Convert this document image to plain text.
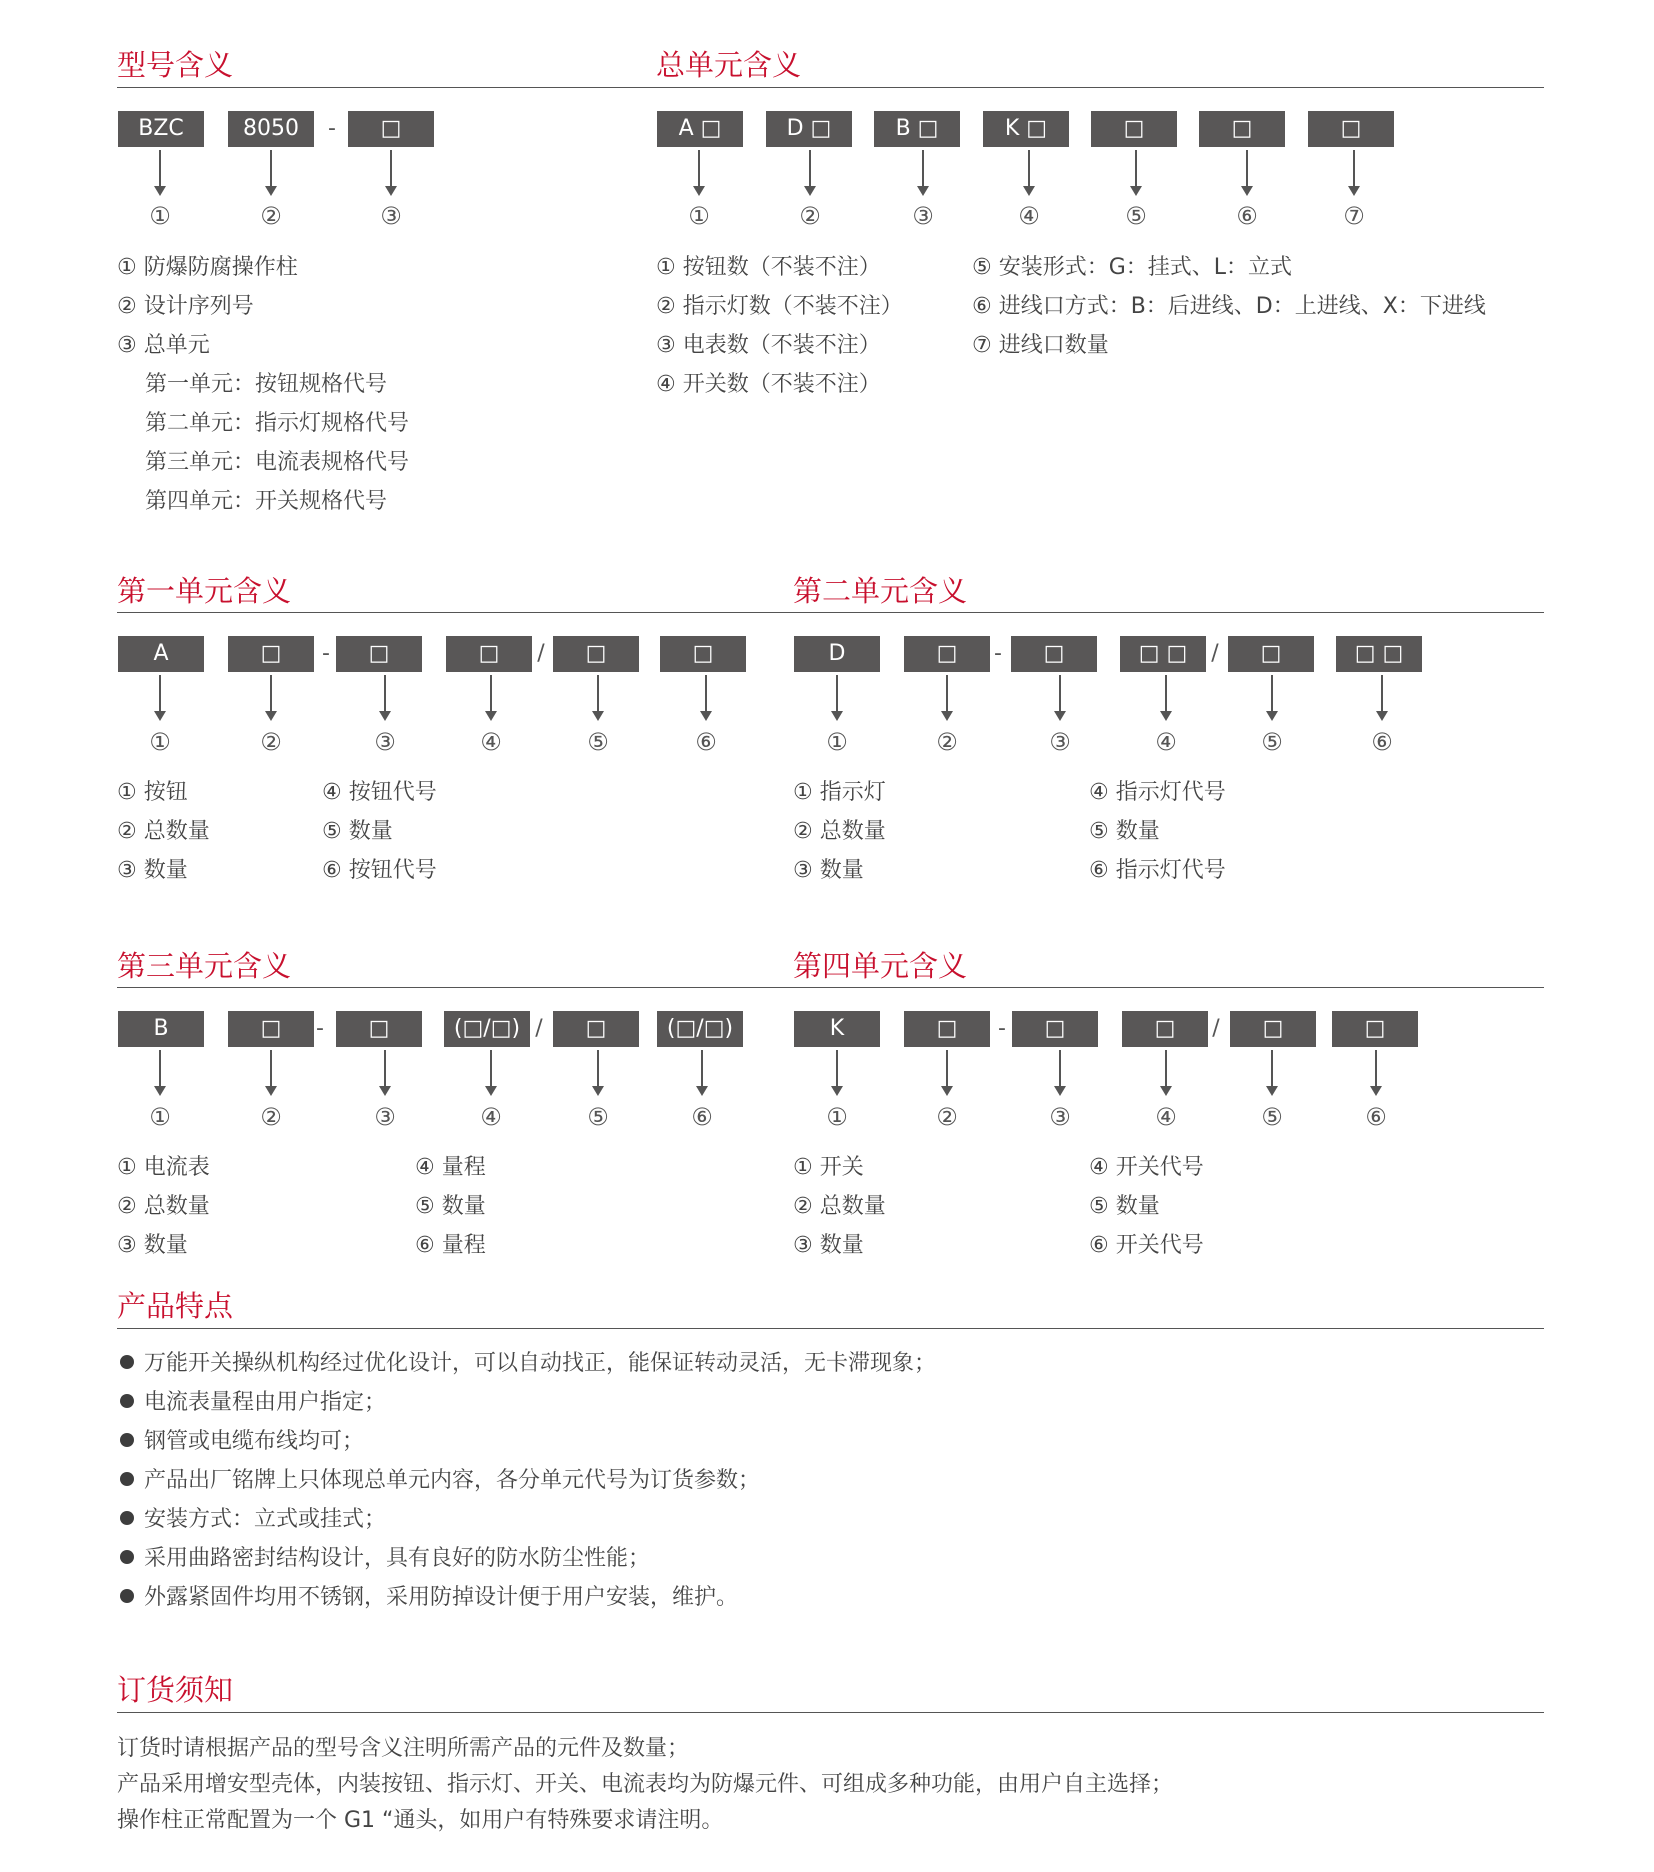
型号含义
BZC	8050	-	□
①	②	③
① 防爆防腐操作柱
② 设计序列号
③ 总单元
第一单元：按钮规格代号
第二单元：指示灯规格代号
第三单元：电流表规格代号
第四单元：开关规格代号
总单元含义
A □	D □	B □	K □	□	□	□
①	②	③	④	⑤	⑥	⑦
① 按钮数（不装不注）
② 指示灯数（不装不注）
③ 电表数（不装不注）
④ 开关数（不装不注）
⑤ 安装形式：G：挂式、L：立式
⑥ 进线口方式：B：后进线、D：上进线、X：下进线
⑦ 进线口数量
第一单元含义
A	□	-	□	□	/	□	□
①	②	③	④	⑤	⑥
① 按钮
② 总数量
③ 数量
④ 按钮代号
⑤ 数量
⑥ 按钮代号
第二单元含义
D	□	-	□	□ □	/	□	□ □
①	②	③	④	⑤	⑥
① 指示灯
② 总数量
③ 数量
④ 指示灯代号
⑤ 数量
⑥ 指示灯代号
第三单元含义
B	□	-	□	(□/□) /	□	(□/□)
①	②	③	④	⑤	⑥
① 电流表
② 总数量
③ 数量
④ 量程
⑤ 数量
⑥ 量程
第四单元含义
K	□	-	□	□	/	□	□
①	②	③	④	⑤	⑥
① 开关
② 总数量
③ 数量
④ 开关代号
⑤ 数量
⑥ 开关代号
产品特点
万能开关操纵机构经过优化设计，可以自动找正，能保证转动灵活，无卡滞现象；
电流表量程由用户指定；
钢管或电缆布线均可；
产品出厂铭牌上只体现总单元内容，各分单元代号为订货参数；
安装方式：立式或挂式；
采用曲路密封结构设计，具有良好的防水防尘性能；
外露紧固件均用不锈钢，采用防掉设计便于用户安装，维护。
订货须知
订货时请根据产品的型号含义注明所需产品的元件及数量；
产品采用增安型壳体，内装按钮、指示灯、开关、电流表均为防爆元件、可组成多种功能，由用户自主选择；
操作柱正常配置为一个 G1 “通头，如用户有特殊要求请注明。
